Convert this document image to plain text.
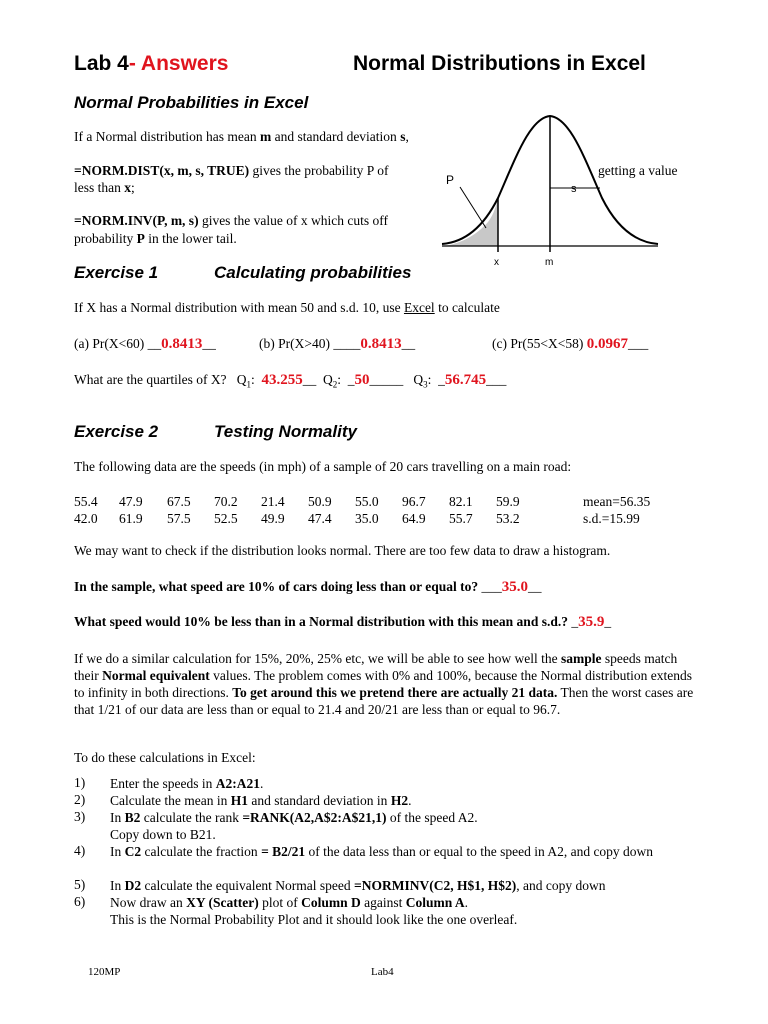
Lab 4- Answers	Normal Distributions in Excel
Normal Probabilities in Excel
If a Normal distribution has mean m and standard deviation s,
=NORM.DIST(x, m, s, TRUE) gives the probability P of	getting a value
less than x;
=NORM.INV(P, m, s) gives the value of x which cuts off
probability P in the lower tail.
P
s
x	m
Exercise 1	Calculating probabilities
If X has a Normal distribution with mean 50 and s.d. 10, use Excel to calculate
(a) Pr(X<60) __0.8413__	(b) Pr(X>40) ____0.8413__	(c) Pr(55<X<58) 0.0967___
What are the quartiles of X? $Q_1$:  43.255__ $Q_2$:  _50_____ $Q_3$:  _56.745___
Exercise 2	Testing Normality
The following data are the speeds (in mph) of a sample of 20 cars travelling on a main road:
55.4	47.9	67.5	70.2	21.4	50.9	55.0	96.7	82.1	59.9	mean=56.35
42.0	61.9	57.5	52.5	49.9	47.4	35.0	64.9	55.7	53.2	s.d.=15.99
We may want to check if the distribution looks normal. There are too few data to draw a histogram.
In the sample, what speed are 10% of cars doing less than or equal to? ___35.0__
What speed would 10% be less than in a Normal distribution with this mean and s.d.? _35.9_
If we do a similar calculation for 15%, 20%, 25% etc, we will be able to see how well the sample speeds match their Normal equivalent values. The problem comes with 0% and 100%, because the Normal distribution extends to infinity in both directions. To get around this we pretend there are actually 21 data. Then the worst cases are that 1/21 of our data are less than or equal to 21.4 and 20/21 are less than or equal to 96.7.
To do these calculations in Excel:
1) Enter the speeds in A2:A21.
2) Calculate the mean in H1 and standard deviation in H2.
3) In B2 calculate the rank =RANK(A2,A$2:A$21,1) of the speed A2.
Copy down to B21.
4) In C2 calculate the fraction = B2/21 of the data less than or equal to the speed in A2, and copy down
5) In D2 calculate the equivalent Normal speed =NORMINV(C2, H$1, H$2), and copy down
6) Now draw an XY (Scatter) plot of Column D against Column A.
This is the Normal Probability Plot and it should look like the one overleaf.
120MP	Lab4
